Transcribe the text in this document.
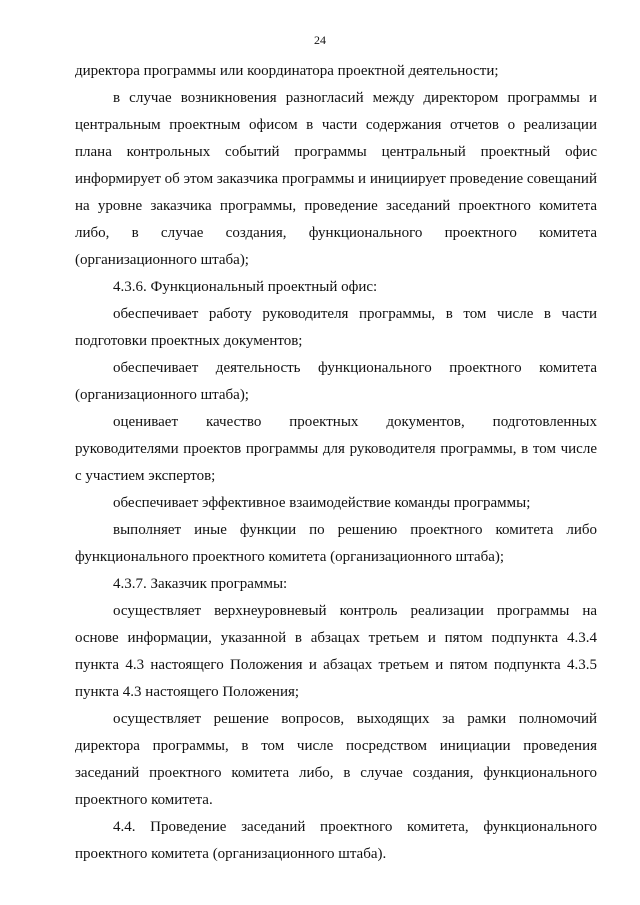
24

директора программы или координатора проектной деятельности;

в случае возникновения разногласий между директором программы и центральным проектным офисом в части содержания отчетов о реализации плана контрольных событий программы центральный проектный офис информирует об этом заказчика программы и инициирует проведение совещаний на уровне заказчика программы, проведение заседаний проектного комитета либо, в случае создания, функционального проектного комитета (организационного штаба);

4.3.6. Функциональный проектный офис:

обеспечивает работу руководителя программы, в том числе в части подготовки проектных документов;

обеспечивает деятельность функционального проектного комитета (организационного штаба);

оценивает качество проектных документов, подготовленных руководителями проектов программы для руководителя программы, в том числе с участием экспертов;

обеспечивает эффективное взаимодействие команды программы;

выполняет иные функции по решению проектного комитета либо функционального проектного комитета (организационного штаба);

4.3.7. Заказчик программы:

осуществляет верхнеуровневый контроль реализации программы на основе информации, указанной в абзацах третьем и пятом подпункта 4.3.4 пункта 4.3 настоящего Положения и абзацах третьем и пятом подпункта 4.3.5 пункта 4.3 настоящего Положения;

осуществляет решение вопросов, выходящих за рамки полномочий директора программы, в том числе посредством инициации проведения заседаний проектного комитета либо, в случае создания, функционального проектного комитета.

4.4. Проведение заседаний проектного комитета, функционального проектного комитета (организационного штаба).
